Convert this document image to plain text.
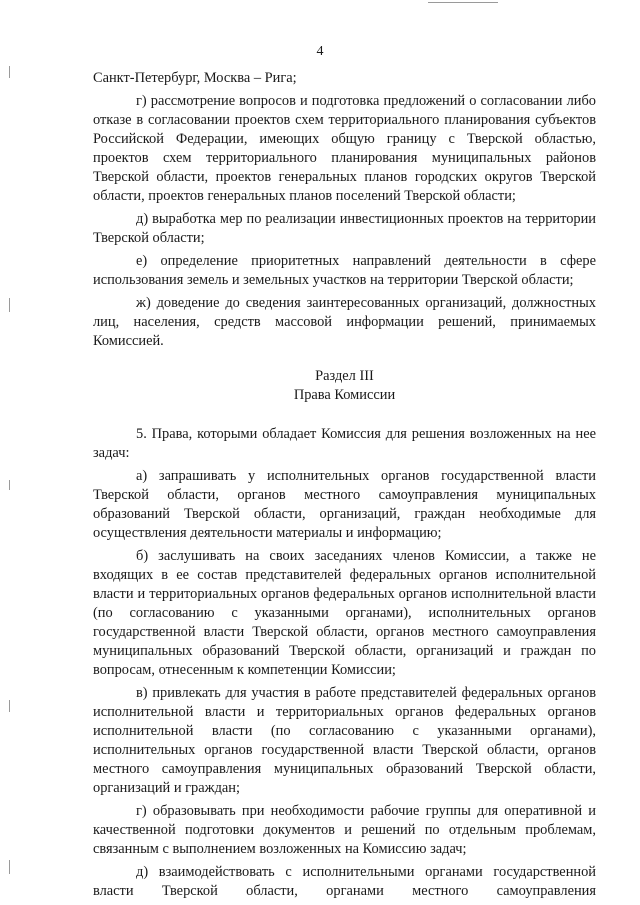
4

Санкт-Петербург, Москва – Рига;

г) рассмотрение вопросов и подготовка предложений о согласовании либо отказе в согласовании проектов схем территориального планирования субъектов Российской Федерации, имеющих общую границу с Тверской областью, проектов схем территориального планирования муниципальных районов Тверской области, проектов генеральных планов городских округов Тверской области, проектов генеральных планов поселений Тверской области;

д) выработка мер по реализации инвестиционных проектов на территории Тверской области;

е) определение приоритетных направлений деятельности в сфере использования земель и земельных участков на территории Тверской области;

ж) доведение до сведения заинтересованных организаций, должностных лиц, населения, средств массовой информации решений, принимаемых Комиссией.

Раздел III
Права Комиссии

5. Права, которыми обладает Комиссия для решения возложенных на нее задач:

а) запрашивать у исполнительных органов государственной власти Тверской области, органов местного самоуправления муниципальных образований Тверской области, организаций, граждан необходимые для осуществления деятельности материалы и информацию;

б) заслушивать на своих заседаниях членов Комиссии, а также не входящих в ее состав представителей федеральных органов исполнительной власти и территориальных органов федеральных органов исполнительной власти (по согласованию с указанными органами), исполнительных органов государственной власти Тверской области, органов местного самоуправления муниципальных образований Тверской области, организаций и граждан по вопросам, отнесенным к компетенции Комиссии;

в) привлекать для участия в работе представителей федеральных органов исполнительной власти и территориальных органов федеральных органов исполнительной власти (по согласованию с указанными органами), исполнительных органов государственной власти Тверской области, органов местного самоуправления муниципальных образований Тверской области, организаций и граждан;

г) образовывать при необходимости рабочие группы для оперативной и качественной подготовки документов и решений по отдельным проблемам, связанным с выполнением возложенных на Комиссию задач;

д) взаимодействовать с исполнительными органами государственной власти Тверской области, органами местного самоуправления
